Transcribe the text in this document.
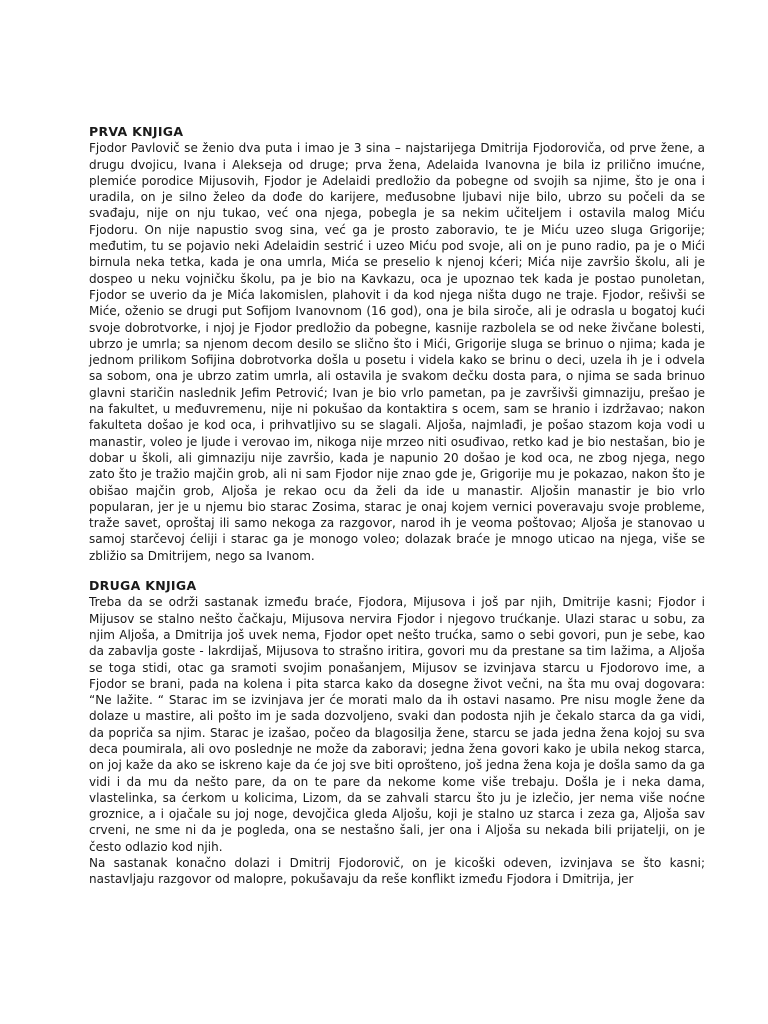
PRVA KNJIGA

Fjodor Pavlovič se ženio dva puta i imao je 3 sina – najstarijega Dmitrija Fjodoroviča, od prve žene, a drugu dvojicu, Ivana i Alekseja od druge; prva žena, Adelaida Ivanovna je bila iz prilično imućne, plemiće porodice Mijusovih, Fjodor je Adelaidi predložio da pobegne od svojih sa njime, što je ona i uradila, on je silno želeo da dođe do karijere, međusobne ljubavi nije bilo, ubrzo su počeli da se svađaju, nije on nju tukao, već ona njega, pobegla je sa nekim učiteljem i ostavila malog Miću Fjodoru. On nije napustio svog sina, već ga je prosto zaboravio, te je Miću uzeo sluga Grigorije; međutim, tu se pojavio neki Adelaidin sestrić i uzeo Miću pod svoje, ali on je puno radio, pa je o Mići birnula neka tetka, kada je ona umrla, Mića se preselio k njenoj kćeri; Mića nije završio školu, ali je dospeo u neku vojničku školu, pa je bio na Kavkazu, oca je upoznao tek kada je postao punoletan, Fjodor se uverio da je Mića lakomislen, plahovit i da kod njega ništa dugo ne traje. Fjodor, rešivši se Miće, oženio se drugi put Sofijom Ivanovnom (16 god), ona je bila siroče, ali je odrasla u bogatoj kući svoje dobrotvorke, i njoj je Fjodor predložio da pobegne, kasnije razbolela se od neke živčane bolesti, ubrzo je umrla; sa njenom decom desilo se slično što i Mići, Grigorije sluga se brinuo o njima; kada je jednom prilikom Sofijina dobrotvorka došla u posetu i videla kako se brinu o deci, uzela ih je i odvela sa sobom, ona je ubrzo zatim umrla, ali ostavila je svakom dečku dosta para, o njima se sada brinuo glavni staričin naslednik Jefim Petrović; Ivan je bio vrlo pametan, pa je završivši gimnaziju, prešao je na fakultet, u međuvremenu, nije ni pokušao da kontaktira s ocem, sam se hranio i izdržavao; nakon fakulteta došao je kod oca, i prihvatljivo su se slagali. Aljoša, najmlađi, je pošao stazom koja vodi u manastir, voleo je ljude i verovao im, nikoga nije mrzeo niti osuđivao, retko kad je bio nestašan, bio je dobar u školi, ali gimnaziju nije završio, kada je napunio 20 došao je kod oca, ne zbog njega, nego zato što je tražio majčin grob, ali ni sam Fjodor nije znao gde je, Grigorije mu je pokazao, nakon što je obišao majčin grob, Aljoša je rekao ocu da želi da ide u manastir. Aljošin manastir je bio vrlo popularan, jer je u njemu bio starac Zosima, starac je onaj kojem vernici poveravaju svoje probleme, traže savet, oproštaj ili samo nekoga za razgovor, narod ih je veoma poštovao; Aljoša je stanovao u samoj starčevoj ćeliji i starac ga je monogo voleo; dolazak braće je mnogo uticao na njega, više se zbližio sa Dmitrijem, nego sa Ivanom.

DRUGA KNJIGA

Treba da se održi sastanak između braće, Fjodora, Mijusova i još par njih, Dmitrije kasni; Fjodor i Mijusov se stalno nešto čačkaju, Mijusova nervira Fjodor i njegovo trućkanje. Ulazi starac u sobu, za njim Aljoša, a Dmitrija još uvek nema, Fjodor opet nešto trućka, samo o sebi govori, pun je sebe, kao da zabavlja goste - lakrdijaš, Mijusova to strašno iritira, govori mu da prestane sa tim lažima, a Aljoša se toga stidi, otac ga sramoti svojim ponašanjem, Mijusov se izvinjava starcu u Fjodorovo ime, a Fjodor se brani, pada na kolena i pita starca kako da dosegne život večni, na šta mu ovaj dogovara: “Ne lažite. “ Starac im se izvinjava jer će morati malo da ih ostavi nasamo. Pre nisu mogle žene da dolaze u mastire, ali pošto im je sada dozvoljeno, svaki dan podosta njih je čekalo starca da ga vidi, da popriča sa njim. Starac je izašao, počeo da blagosilja žene, starcu se jada jedna žena kojoj su sva deca poumirala, ali ovo poslednje ne može da zaboravi; jedna žena govori kako je ubila nekog starca, on joj kaže da ako se iskreno kaje da će joj sve biti oprošteno, još jedna žena koja je došla samo da ga vidi i da mu da nešto pare, da on te pare da nekome kome više trebaju. Došla je i neka dama, vlastelinka, sa ćerkom u kolicima, Lizom, da se zahvali starcu što ju je izlečio, jer nema više noćne groznice, a i ojačale su joj noge, devojčica gleda Aljošu, koji je stalno uz starca i zeza ga, Aljoša sav crveni, ne sme ni da je pogleda, ona se nestašno šali, jer ona i Aljoša su nekada bili prijatelji, on je često odlazio kod njih.

Na sastanak konačno dolazi i Dmitrij Fjodorovič, on je kicoški odeven, izvinjava se što kasni; nastavljaju razgovor od malopre, pokušavaju da reše konflikt između Fjodora i Dmitrija, jer
